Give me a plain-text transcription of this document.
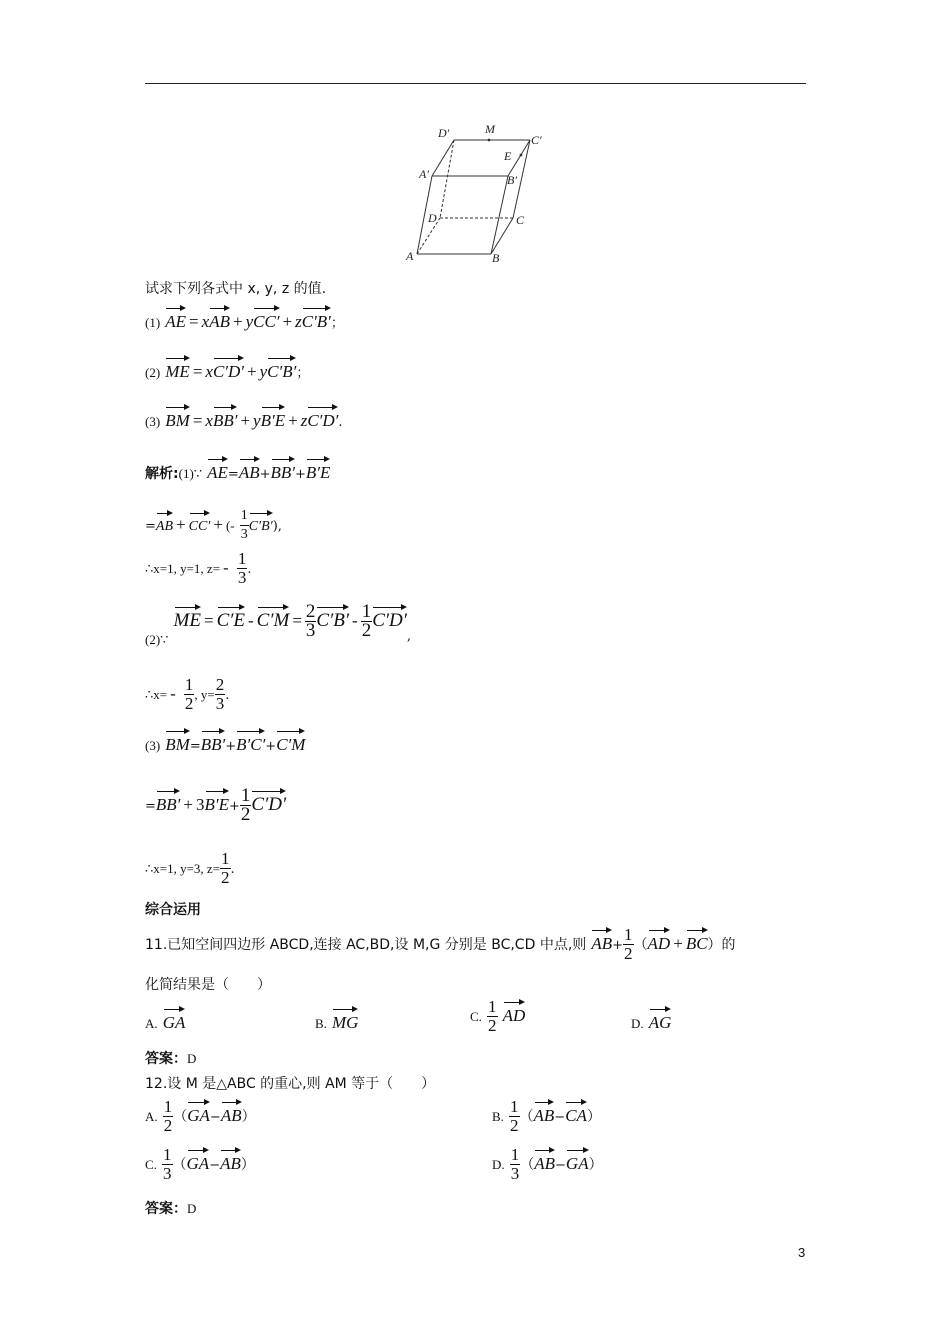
D′	M
C′
E
A′	B′
D	C
A	B
试求下列各式中 x, y, z 的值.
(1) AE = xAB + yCC′ + zC′B′；
(2) ME = xC′D′ + yC′B′；
(3) BM = xBB′ + yB′E + zC′D′.
解析:(1)∵ AE=AB+BB′+B′E
=AB + CC′ + (- $\frac{1}{3} C'B'$),
∴x=1, y=1, $z= - \frac{1}{3}$ .
$_{(2)\because}$ ME = $C'E - C'M = \frac{2}{3} C'B' - \frac{1}{2} C'D'_,$
∴x= - $\frac{1}{2}$ , $y= \frac{2}{3}$ .
(3) BM=BB′+B′C′+C′M
$=BB' + 3B'E+ \frac{1}{2} C'D'$
∴x=1, y=3, $z= \frac{1}{2}$ .
综合运用
11.已知空间四边形 ABCD,连接 AC,BD,设 M,G 分别是 BC,CD 中点,则 $AB+ \frac{1}{2} (AD + BC)$的
化简结果是（　　）
A. GA	B. MG	C. $\frac{1}{2}$ AD	D. AG
答案：D
12.设 M 是△ABC 的重心,则 AM 等于（　　）
A. $\frac{1}{2} (GA-AB)$	B. $\frac{1}{2} (AB-CA)$
C. $\frac{1}{3} (GA-AB)$	D. $\frac{1}{3} (AB-GA)$
答案：D
3
